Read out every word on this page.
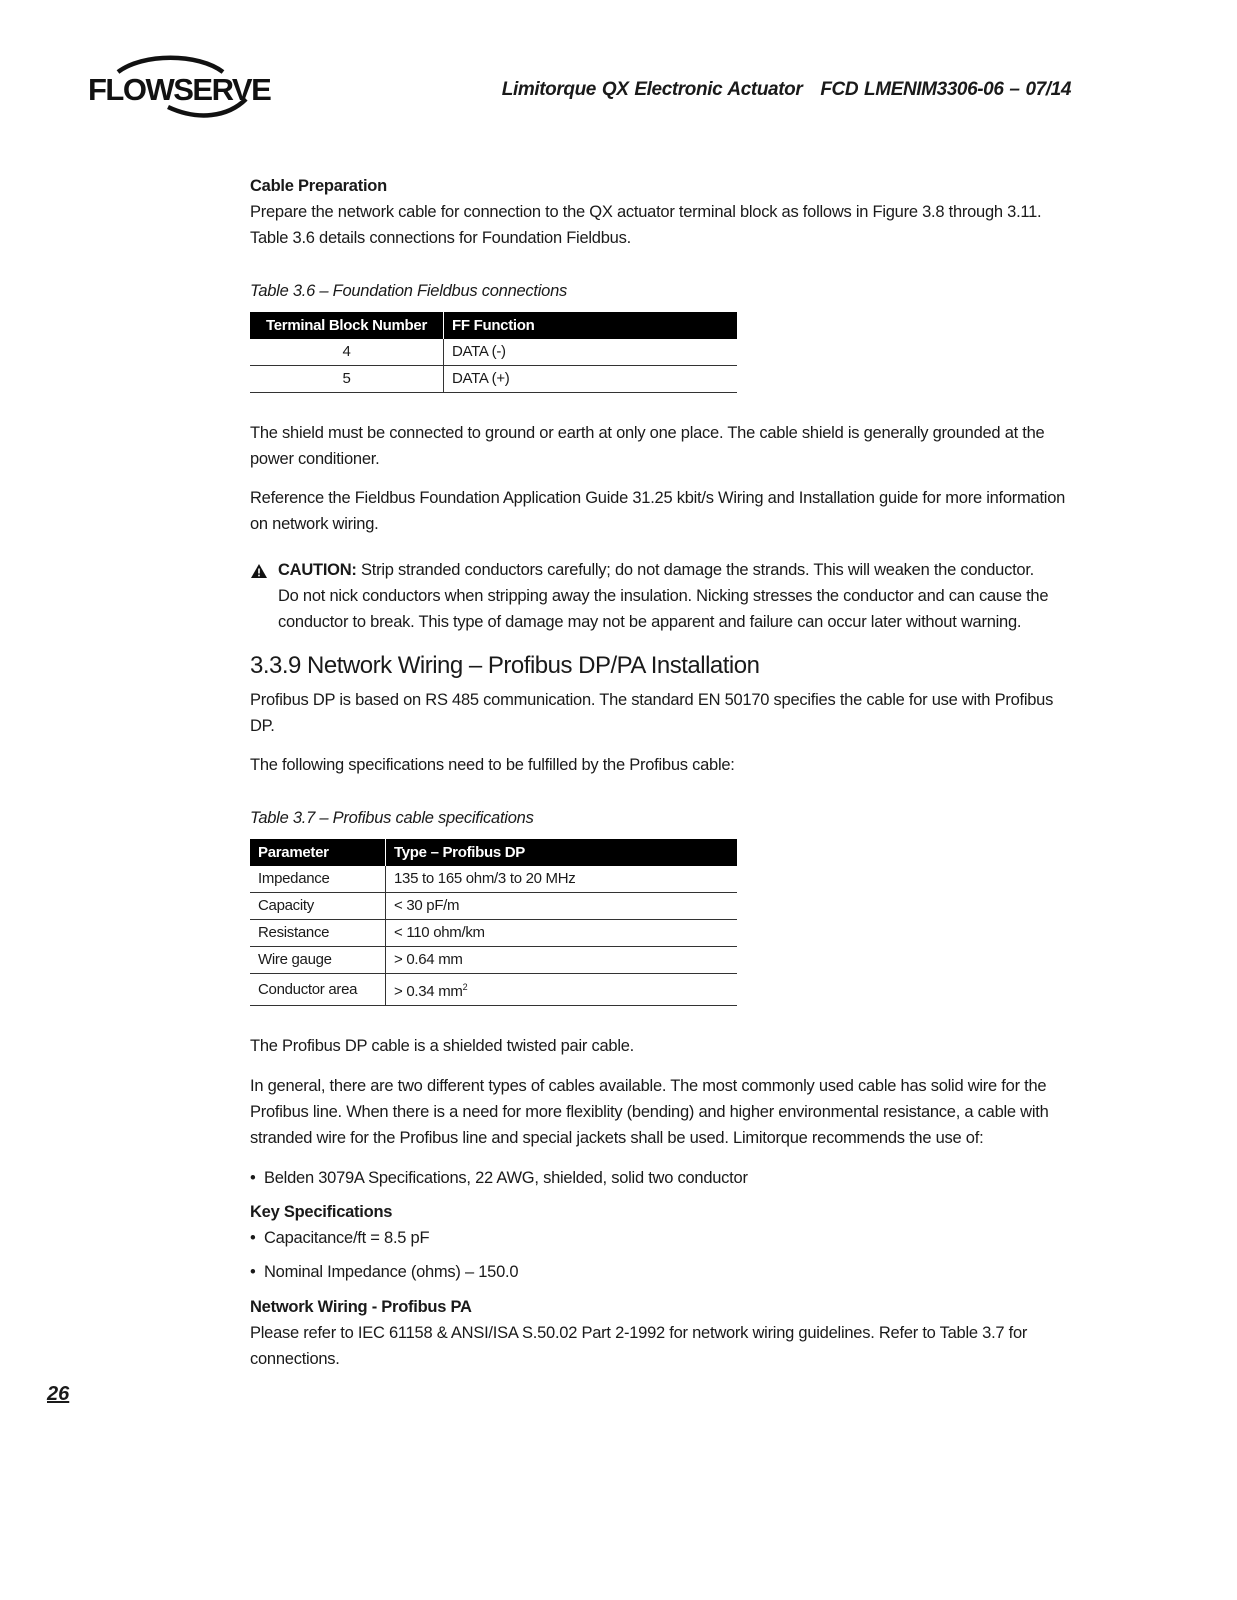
FLOWSERVE	Limitorque QX Electronic Actuator FCD LMENIM3306-06 – 07/14

Cable Preparation

Prepare the network cable for connection to the QX actuator terminal block as follows in Figure 3.8 through 3.11. Table 3.6 details connections for Foundation Fieldbus.

Table 3.6 – Foundation Fieldbus connections

Terminal Block Number	FF Function
4	DATA (-)
5	DATA (+)

The shield must be connected to ground or earth at only one place. The cable shield is generally grounded at the power conditioner.

Reference the Fieldbus Foundation Application Guide 31.25 kbit/s Wiring and Installation guide for more information on network wiring.

CAUTION: Strip stranded conductors carefully; do not damage the strands. This will weaken the conductor.

Do not nick conductors when stripping away the insulation. Nicking stresses the conductor and can cause the conductor to break. This type of damage may not be apparent and failure can occur later without warning.

3.3.9 Network Wiring – Profibus DP/PA Installation

Profibus DP is based on RS 485 communication. The standard EN 50170 specifies the cable for use with Profibus DP.

The following specifications need to be fulfilled by the Profibus cable:

Table 3.7 – Profibus cable specifications

Parameter	Type – Profibus DP
Impedance	135 to 165 ohm/3 to 20 MHz
Capacity	< 30 pF/m
Resistance	< 110 ohm/km
Wire gauge	> 0.64 mm
Conductor area	> 0.34 $mm^2$

The Profibus DP cable is a shielded twisted pair cable.

In general, there are two different types of cables available. The most commonly used cable has solid wire for the Profibus line. When there is a need for more flexiblity (bending) and higher environmental resistance, a cable with stranded wire for the Profibus line and special jackets shall be used. Limitorque recommends the use of:

• Belden 3079A Specifications, 22 AWG, shielded, solid two conductor

Key Specifications

• Capacitance/ft = 8.5 pF
• Nominal Impedance (ohms) – 150.0

Network Wiring - Profibus PA

Please refer to IEC 61158 & ANSI/ISA S.50.02 Part 2-1992 for network wiring guidelines. Refer to Table 3.7 for connections.

26
